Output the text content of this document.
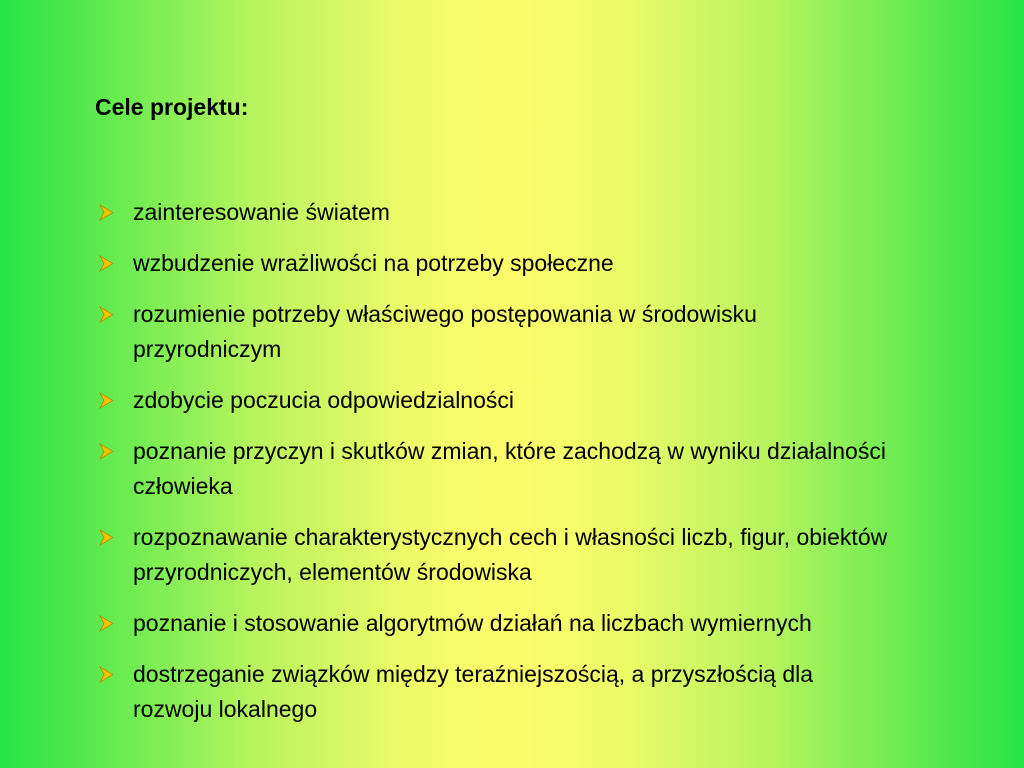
Cele projektu:
zainteresowanie światem
wzbudzenie wrażliwości na potrzeby społeczne
rozumienie potrzeby właściwego postępowania w środowisku przyrodniczym
zdobycie poczucia odpowiedzialności
poznanie przyczyn i skutków zmian, które zachodzą w wyniku działalności człowieka
rozpoznawanie charakterystycznych cech i własności liczb, figur, obiektów przyrodniczych, elementów środowiska
poznanie i stosowanie algorytmów działań na liczbach wymiernych
dostrzeganie związków między teraźniejszością, a przyszłością dla rozwoju lokalnego
